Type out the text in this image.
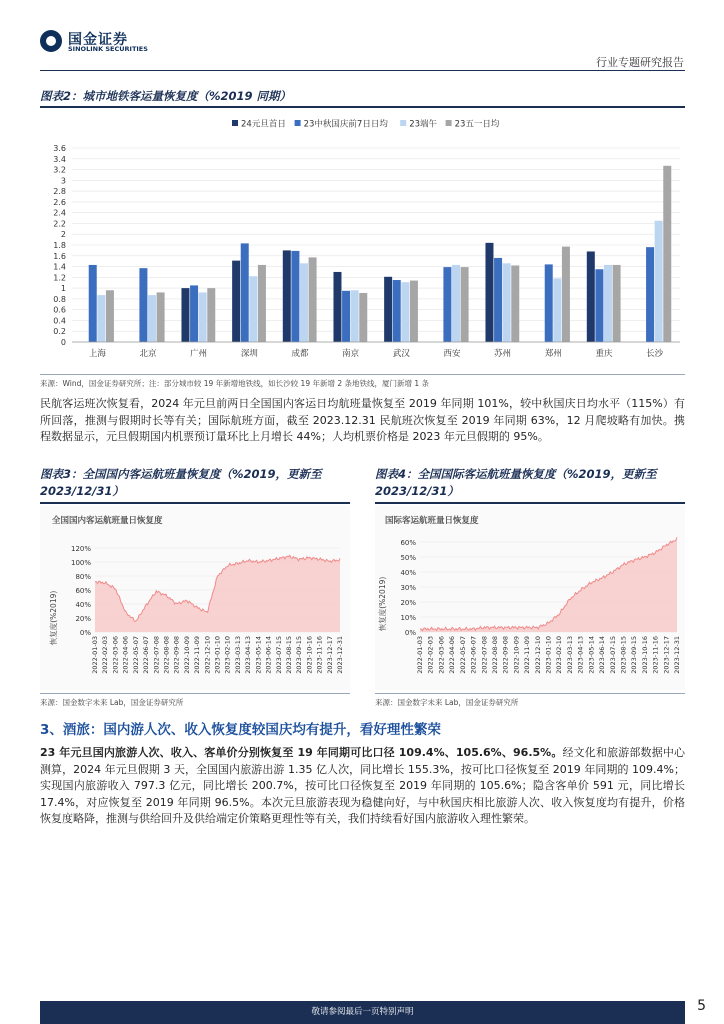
国金证券
SINOLINK SECURITIES
行业专题研究报告
图表2：城市地铁客运量恢复度（%2019 同期）
24元旦首日 23中秋国庆前7日日均	23端午 23五一日均
0
0.2
0.4
0.6
0.8
1
1.2
1.4
1.6
1.8
2
2.2
2.4
2.6
2.8
3
3.2
3.4
3.6
上海	北京	广州	深圳	成都	南京	武汉	西安	苏州	郑州	重庆	长沙
来源：Wind，国金证券研究所；注：部分城市较 19 年新增地铁线，如长沙较 19 年新增 2 条地铁线，厦门新增 1 条
民航客运班次恢复看，2024 年元旦前两日全国国内客运日均航班量恢复至 2019 年同期 101%，较中秋国庆日均水平（115%）有所回落，推测与假期时长等有关；国际航班方面，截至 2023.12.31 民航班次恢复至 2019 年同期 63%，12 月爬坡略有加快。携程数据显示，元旦假期国内机票预订量环比上月增长 44%；人均机票价格是 2023 年元旦假期的 95%。
图表3：全国国内客运航班量恢复度（%2019，更新至 2023/12/31）
图表4：全国国际客运航班量恢复度（%2019，更新至 2023/12/31）
全国国内客运航班量日恢复度
0%
20%
40%
60%
80%
100%
120%
2022-01-03 2022-02-03 2022-03-06 2022-04-06 2022-05-07 2022-06-07 2022-07-08 2022-08-08 2022-09-08 2022-10-09 2022-11-09 2022-12-10 2023-01-10 2023-02-10 2023-03-13 2023-04-13 2023-05-14 2023-06-14 2023-07-15 2023-08-15 2023-09-15 2023-10-16 2023-11-16 2023-12-17 2023-12-31
恢复度(%2019)
国际客运航班量日恢复度
0%
10%
20%
30%
40%
50%
60%
2022-01-03 2022-02-03 2022-03-06 2022-04-06 2022-05-07 2022-06-07 2022-07-08 2022-08-08 2022-09-08 2022-10-09 2022-11-09 2022-12-10 2023-01-10 2023-02-10 2023-03-13 2023-04-13 2023-05-14 2023-06-14 2023-07-15 2023-08-15 2023-09-15 2023-10-16 2023-11-16 2023-12-17 2023-12-31
恢复度(%2019)
来源：国金数字未来 Lab，国金证券研究所	来源：国金数字未来 Lab，国金证券研究所
3、酒旅：国内游人次、收入恢复度较国庆均有提升，看好理性繁荣
23 年元旦国内旅游人次、收入、客单价分别恢复至 19 年同期可比口径 109.4%、105.6%、96.5%。经文化和旅游部数据中心测算，2024 年元旦假期 3 天，全国国内旅游出游 1.35 亿人次，同比增长 155.3%，按可比口径恢复至 2019 年同期的 109.4%；实现国内旅游收入 797.3 亿元，同比增长 200.7%，按可比口径恢复至 2019 年同期的 105.6%；隐含客单价 591 元，同比增长 17.4%，对应恢复至 2019 年同期 96.5%。本次元旦旅游表现为稳健向好，与中秋国庆相比旅游人次、收入恢复度均有提升，价格恢复度略降，推测与供给回升及供给端定价策略更理性等有关，我们持续看好国内旅游收入理性繁荣。
敬请参阅最后一页特别声明	5
